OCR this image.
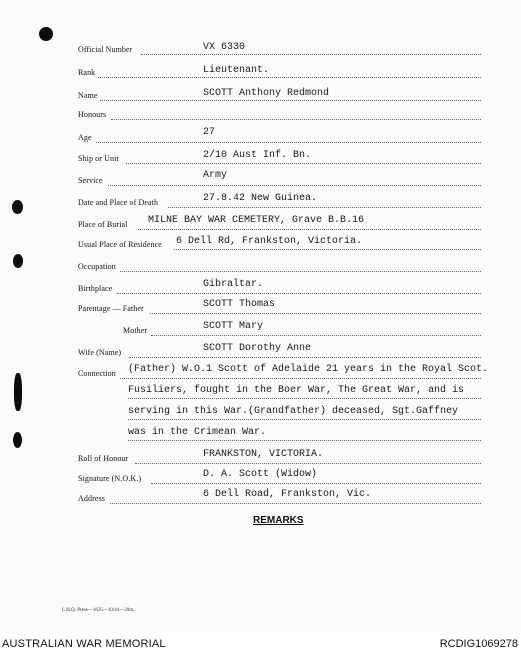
Official Number	VX 6330
Rank	Lieutenant.
Name	SCOTT Anthony Redmond
Honours
Age	27
Ship or Unit	2/10 Aust Inf. Bn.
Service	Army
Date and Place of Death	27.8.42 New Guinea.
Place of Burial MILNE BAY WAR CEMETERY, Grave B.B.16
Usual Place of Residence 6 Dell Rd, Frankston, Victoria.
Occupation
Birthplace	Gibraltar.
Parentage — Father	SCOTT Thomas
Mother	SCOTT Mary
Wife (Name)	SCOTT Dorothy Anne
Connection (Father) W.O.1 Scott of Adelaide 21 years in the Royal Scot.
Fusiliers, fought in the Boer War, The Great War, and is
serving in this War.(Grandfather) deceased, Sgt.Gaffney
was in the Crimean War.
Roll of Honour	FRANKSTON, VICTORIA.
Signature (N.O.K.)	D. A. Scott (Widow)
Address	6 Dell Road, Frankston, Vic.
REMARKS
L.H.Q. Press—1635—10/44—20m.
AUSTRALIAN WAR MEMORIAL	RCDIG1069278
